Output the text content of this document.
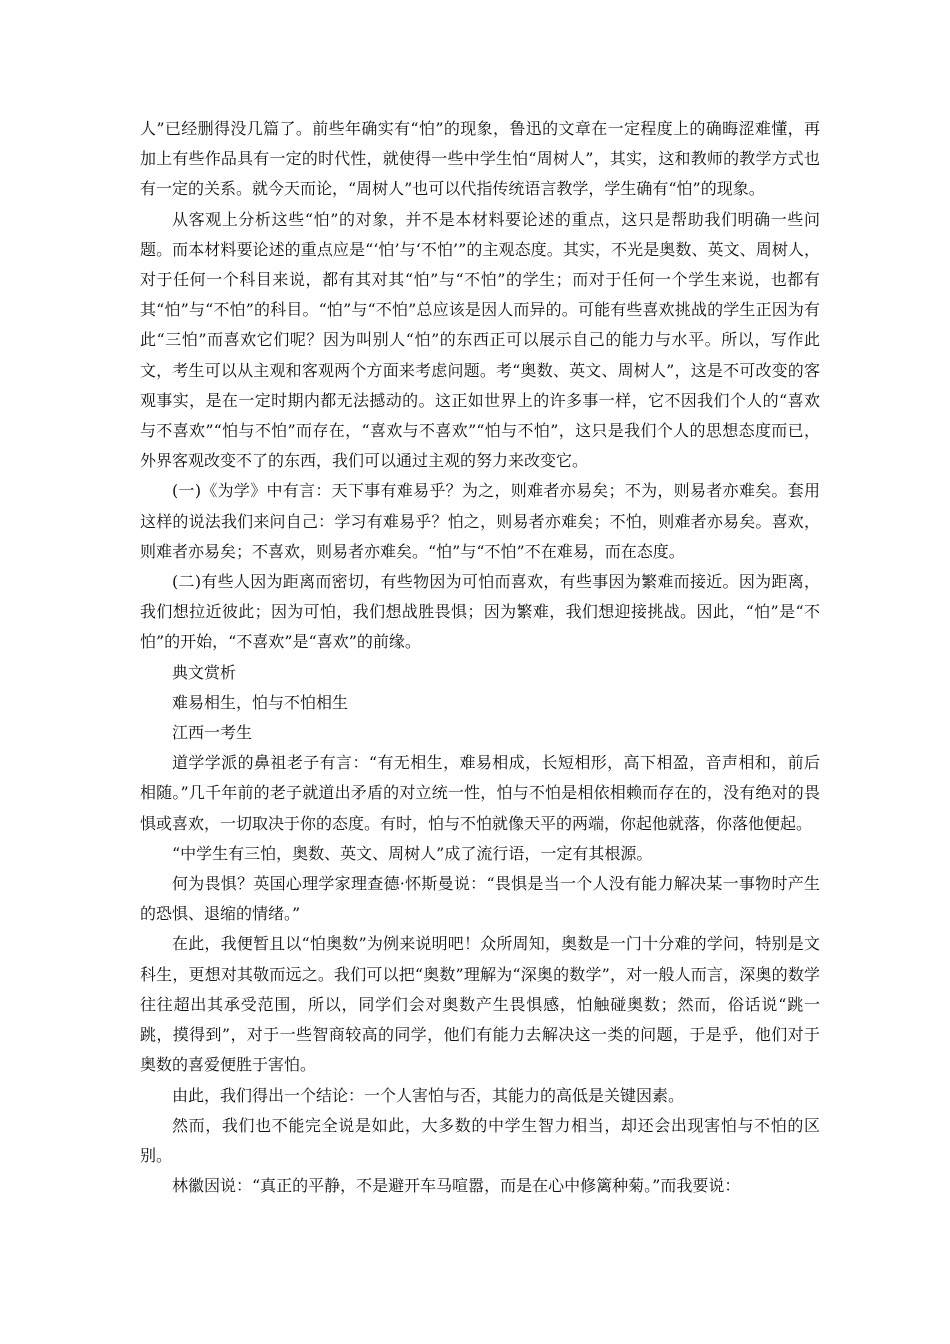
人”已经删得没几篇了。前些年确实有“怕”的现象，鲁迅的文章在一定程度上的确晦涩难懂，再加上有些作品具有一定的时代性，就使得一些中学生怕“周树人”，其实，这和教师的教学方式也有一定的关系。就今天而论，“周树人”也可以代指传统语言教学，学生确有“怕”的现象。

从客观上分析这些“怕”的对象，并不是本材料要论述的重点，这只是帮助我们明确一些问题。而本材料要论述的重点应是“‘怕’与‘不怕’”的主观态度。其实，不光是奥数、英文、周树人，对于任何一个科目来说，都有其对其“怕”与“不怕”的学生；而对于任何一个学生来说，也都有其“怕”与“不怕”的科目。“怕”与“不怕”总应该是因人而异的。可能有些喜欢挑战的学生正因为有此“三怕”而喜欢它们呢？因为叫别人“怕”的东西正可以展示自己的能力与水平。所以，写作此文，考生可以从主观和客观两个方面来考虑问题。考“奥数、英文、周树人”，这是不可改变的客观事实，是在一定时期内都无法撼动的。这正如世界上的许多事一样，它不因我们个人的“喜欢与不喜欢”“怕与不怕”而存在，“喜欢与不喜欢”“怕与不怕”，这只是我们个人的思想态度而已，外界客观改变不了的东西，我们可以通过主观的努力来改变它。

(一)《为学》中有言：天下事有难易乎？为之，则难者亦易矣；不为，则易者亦难矣。套用这样的说法我们来问自己：学习有难易乎？怕之，则易者亦难矣；不怕，则难者亦易矣。喜欢，则难者亦易矣；不喜欢，则易者亦难矣。“怕”与“不怕”不在难易，而在态度。

(二)有些人因为距离而密切，有些物因为可怕而喜欢，有些事因为繁难而接近。因为距离，我们想拉近彼此；因为可怕，我们想战胜畏惧；因为繁难，我们想迎接挑战。因此，“怕”是“不怕”的开始，“不喜欢”是“喜欢”的前缘。

典文赏析

难易相生，怕与不怕相生

江西一考生

道学学派的鼻祖老子有言：“有无相生，难易相成，长短相形，高下相盈，音声相和，前后相随。”几千年前的老子就道出矛盾的对立统一性，怕与不怕是相依相赖而存在的，没有绝对的畏惧或喜欢，一切取决于你的态度。有时，怕与不怕就像天平的两端，你起他就落，你落他便起。

“中学生有三怕，奥数、英文、周树人”成了流行语，一定有其根源。

何为畏惧？英国心理学家理查德·怀斯曼说：“畏惧是当一个人没有能力解决某一事物时产生的恐惧、退缩的情绪。”

在此，我便暂且以“怕奥数”为例来说明吧！众所周知，奥数是一门十分难的学问，特别是文科生，更想对其敬而远之。我们可以把“奥数”理解为“深奥的数学”，对一般人而言，深奥的数学往往超出其承受范围，所以，同学们会对奥数产生畏惧感，怕触碰奥数；然而，俗话说“跳一跳，摸得到”，对于一些智商较高的同学，他们有能力去解决这一类的问题，于是乎，他们对于奥数的喜爱便胜于害怕。

由此，我们得出一个结论：一个人害怕与否，其能力的高低是关键因素。

然而，我们也不能完全说是如此，大多数的中学生智力相当，却还会出现害怕与不怕的区别。

林徽因说：“真正的平静，不是避开车马喧嚣，而是在心中修篱种菊。”而我要说：
